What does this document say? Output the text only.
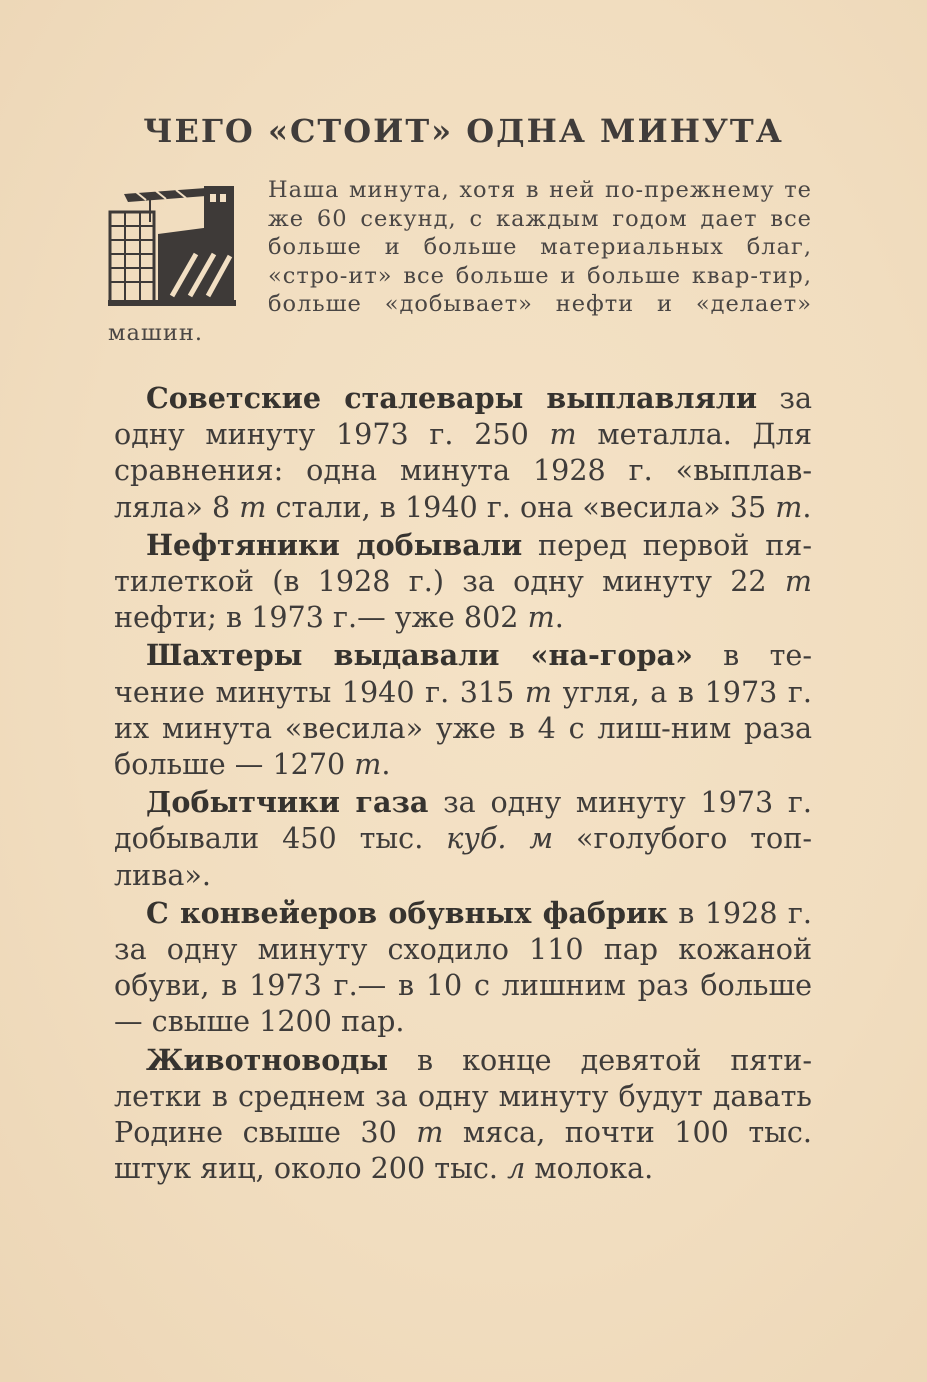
ЧЕГО «СТОИТ» ОДНА МИНУТА
Наша минута, хотя в ней по-прежнему те же 60 секунд, с каждым годом дает все больше и больше материальных благ, «стро-ит» все больше и больше квар-тир, больше «добывает» нефти и «делает» машин.

Советские сталевары выплавляли за одну минуту 1973 г. 250 т металла. Для сравнения: одна минута 1928 г. «выплав-ляла» 8 т стали, в 1940 г. она «весила» 35 т.

Нефтяники добывали перед первой пя-тилеткой (в 1928 г.) за одну минуту 22 т нефти; в 1973 г.— уже 802 т.

Шахтеры выдавали «на-гора» в те-чение минуты 1940 г. 315 т угля, а в 1973 г. их минута «весила» уже в 4 с лиш-ним раза больше — 1270 т.

Добытчики газа за одну минуту 1973 г. добывали 450 тыс. куб. м «голубого топ-лива».

С конвейеров обувных фабрик в 1928 г. за одну минуту сходило 110 пар кожаной обуви, в 1973 г.— в 10 с лишним раз больше — свыше 1200 пар.

Животноводы в конце девятой пяти-летки в среднем за одну минуту будут давать Родине свыше 30 т мяса, почти 100 тыс. штук яиц, около 200 тыс. л молока.
